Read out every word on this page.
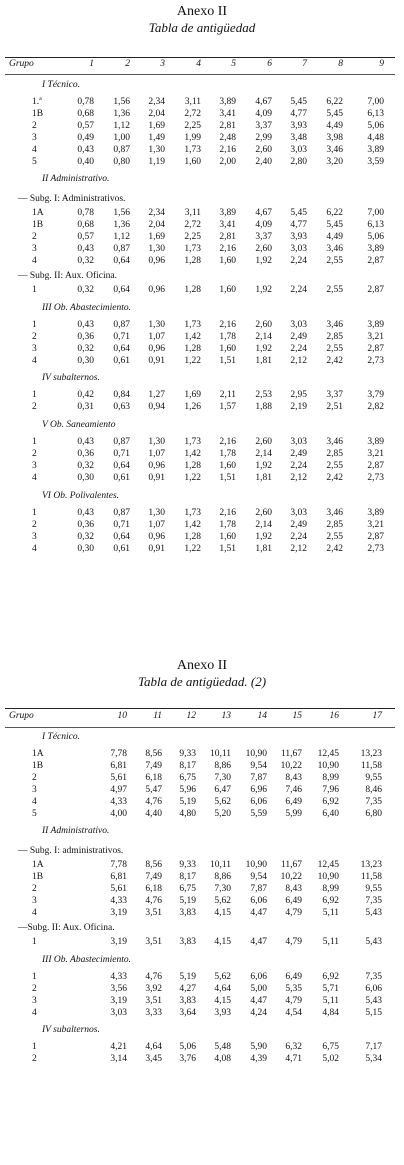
Anexo II
Tabla de antigüedad
Grupo	1	2	3	4	5	6	7	8	9
I Técnico.
1.ª	0,78	1,56	2,34	3,11	3,89	4,67	5,45	6,22	7,00
1B	0,68	1,36	2,04	2,72	3,41	4,09	4,77	5,45	6,13
2	0,57	1,12	1,69	2,25	2,81	3,37	3,93	4,49	5,06
3	0,49	1,00	1,49	1,99	2,48	2,99	3,48	3,98	4,48
4	0,43	0,87	1,30	1,73	2,16	2,60	3,03	3,46	3,89
5	0,40	0,80	1,19	1,60	2,00	2,40	2,80	3,20	3,59
II Administrativo.
— Subg. I: Administrativos.
1A	0,78	1,56	2,34	3,11	3,89	4,67	5,45	6,22	7,00
1B	0,68	1,36	2,04	2,72	3,41	4,09	4,77	5,45	6,13
2	0,57	1,12	1,69	2,25	2,81	3,37	3,93	4,49	5,06
3	0,43	0,87	1,30	1,73	2,16	2,60	3,03	3,46	3,89
4	0,32	0,64	0,96	1,28	1,60	1,92	2,24	2,55	2,87
— Subg. II: Aux. Oficina.
1	0,32	0,64	0,96	1,28	1,60	1,92	2,24	2,55	2,87
III Ob. Abastecimiento.
1	0,43	0,87	1,30	1,73	2,16	2,60	3,03	3,46	3,89
2	0,36	0,71	1,07	1,42	1,78	2,14	2,49	2,85	3,21
3	0,32	0,64	0,96	1,28	1,60	1,92	2,24	2,55	2,87
4	0,30	0,61	0,91	1,22	1,51	1,81	2,12	2,42	2,73
IV subalternos.
1	0,42	0,84	1,27	1,69	2,11	2,53	2,95	3,37	3,79
2	0,31	0,63	0,94	1,26	1,57	1,88	2,19	2,51	2,82
V Ob. Saneamiento
1	0,43	0,87	1,30	1,73	2,16	2,60	3,03	3,46	3,89
2	0,36	0,71	1,07	1,42	1,78	2,14	2,49	2,85	3,21
3	0,32	0,64	0,96	1,28	1,60	1,92	2,24	2,55	2,87
4	0,30	0,61	0,91	1,22	1,51	1,81	2,12	2,42	2,73
VI Ob. Polivalentes.
1	0,43	0,87	1,30	1,73	2,16	2,60	3,03	3,46	3,89
2	0,36	0,71	1,07	1,42	1,78	2,14	2,49	2,85	3,21
3	0,32	0,64	0,96	1,28	1,60	1,92	2,24	2,55	2,87
4	0,30	0,61	0,91	1,22	1,51	1,81	2,12	2,42	2,73
Anexo II
Tabla de antigüedad. (2)
Grupo	10	11	12	13	14	15	16	17
I Técnico.
1A	7,78	8,56	9,33	10,11	10,90	11,67	12,45	13,23
1B	6,81	7,49	8,17	8,86	9,54	10,22	10,90	11,58
2	5,61	6,18	6,75	7,30	7,87	8,43	8,99	9,55
3	4,97	5,47	5,96	6,47	6,96	7,46	7,96	8,46
4	4,33	4,76	5,19	5,62	6,06	6,49	6,92	7,35
5	4,00	4,40	4,80	5,20	5,59	5,99	6,40	6,80
II Administrativo.
— Subg. I: administrativos.
1A	7,78	8,56	9,33	10,11	10,90	11,67	12,45	13,23
1B	6,81	7,49	8,17	8,86	9,54	10,22	10,90	11,58
2	5,61	6,18	6,75	7,30	7,87	8,43	8,99	9,55
3	4,33	4,76	5,19	5,62	6,06	6,49	6,92	7,35
4	3,19	3,51	3,83	4,15	4,47	4,79	5,11	5,43
—Subg. II: Aux. Oficina.
1	3,19	3,51	3,83	4,15	4,47	4,79	5,11	5,43
III Ob. Abastecimiento.
1	4,33	4,76	5,19	5,62	6,06	6,49	6,92	7,35
2	3,56	3,92	4,27	4,64	5,00	5,35	5,71	6,06
3	3,19	3,51	3,83	4,15	4,47	4,79	5,11	5,43
4	3,03	3,33	3,64	3,93	4,24	4,54	4,84	5,15
IV subalternos.
1	4,21	4,64	5,06	5,48	5,90	6,32	6,75	7,17
2	3,14	3,45	3,76	4,08	4,39	4,71	5,02	5,34
